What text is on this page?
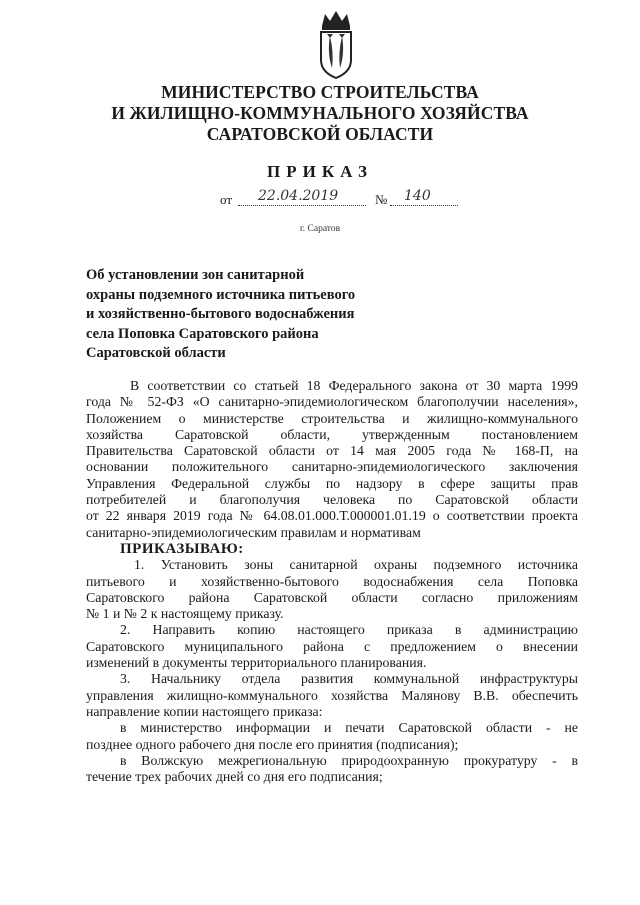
МИНИСТЕРСТВО СТРОИТЕЛЬСТВА
И ЖИЛИЩНО-КОММУНАЛЬНОГО ХОЗЯЙСТВА
САРАТОВСКОЙ ОБЛАСТИ
ПРИКАЗ
от 22.04.2019	№ 140
г. Саратов
Об установлении зон санитарной
охраны подземного источника питьевого
и хозяйственно-бытового водоснабжения
села Поповка Саратовского района
Саратовской области
В соответствии со статьей 18 Федерального закона от 30 марта 1999
года № 52-ФЗ «О санитарно-эпидемиологическом благополучии населения»,
Положением о министерстве строительства и жилищно-коммунального
хозяйства Саратовской области, утвержденным постановлением
Правительства Саратовской области от 14 мая 2005 года № 168-П, на
основании положительного санитарно-эпидемиологического заключения
Управления Федеральной службы по надзору в сфере защиты прав
потребителей и благополучия человека по Саратовской области
от 22 января 2019 года № 64.08.01.000.Т.000001.01.19 о соответствии проекта
санитарно-эпидемиологическим правилам и нормативам
ПРИКАЗЫВАЮ:
1. Установить зоны санитарной охраны подземного источника
питьевого и хозяйственно-бытового водоснабжения села Поповка
Саратовского района Саратовской области согласно приложениям
№ 1 и № 2 к настоящему приказу.
2. Направить копию настоящего приказа в администрацию
Саратовского муниципального района с предложением о внесении
изменений в документы территориального планирования.
3. Начальнику отдела развития коммунальной инфраструктуры
управления жилищно-коммунального хозяйства Малянову В.В. обеспечить
направление копии настоящего приказа:
в министерство информации и печати Саратовской области - не
позднее одного рабочего дня после его принятия (подписания);
в Волжскую межрегиональную природоохранную прокуратуру - в
течение трех рабочих дней со дня его подписания;
